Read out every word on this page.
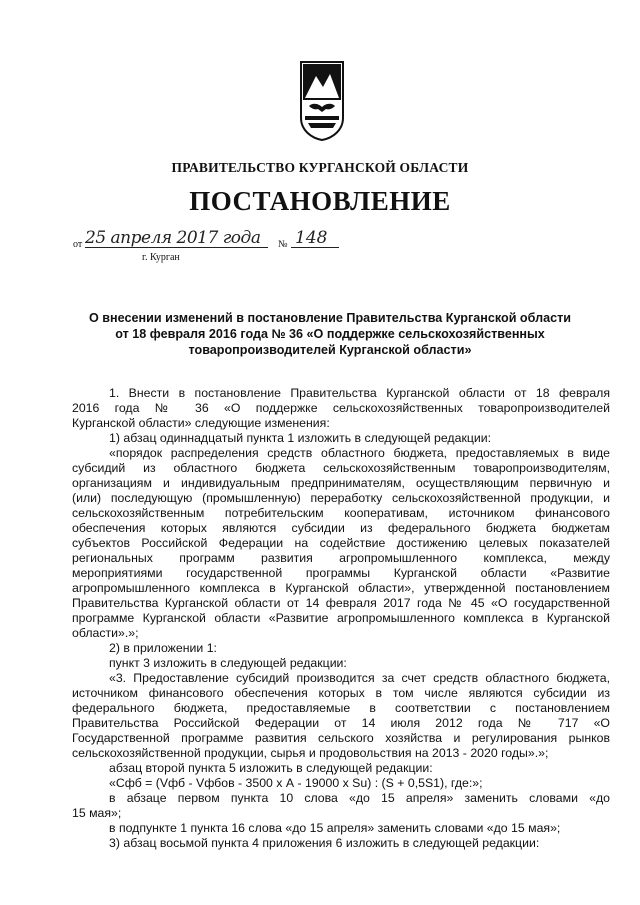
ПРАВИТЕЛЬСТВО КУРГАНСКОЙ ОБЛАСТИ
ПОСТАНОВЛЕНИЕ
от 25 апреля 2017 года № 148
г. Курган
О внесении изменений в постановление Правительства Курганской области
от 18 февраля 2016 года № 36 «О поддержке сельскохозяйственных
товаропроизводителей Курганской области»
1. Внести в постановление Правительства Курганской области от 18 февраля
2016 года № 36 «О поддержке сельскохозяйственных товаропроизводителей
Курганской области» следующие изменения:
1) абзац одиннадцатый пункта 1 изложить в следующей редакции:
«порядок распределения средств областного бюджета, предоставляемых в виде
субсидий из областного бюджета сельскохозяйственным товаропроизводителям,
организациям и индивидуальным предпринимателям, осуществляющим первичную и
(или) последующую (промышленную) переработку сельскохозяйственной продукции, и
сельскохозяйственным потребительским кооперативам, источником финансового
обеспечения которых являются субсидии из федерального бюджета бюджетам
субъектов Российской Федерации на содействие достижению целевых показателей
региональных программ развития агропромышленного комплекса, между
мероприятиями государственной программы Курганской области «Развитие
агропромышленного комплекса в Курганской области», утвержденной постановлением
Правительства Курганской области от 14 февраля 2017 года № 45 «О государственной
программе Курганской области «Развитие агропромышленного комплекса в Курганской
области».»;
2) в приложении 1:
пункт 3 изложить в следующей редакции:
«3. Предоставление субсидий производится за счет средств областного бюджета,
источником финансового обеспечения которых в том числе являются субсидии из
федерального бюджета, предоставляемые в соответствии с постановлением
Правительства Российской Федерации от 14 июля 2012 года № 717 «О
Государственной программе развития сельского хозяйства и регулирования рынков
сельскохозяйственной продукции, сырья и продовольствия на 2013 - 2020 годы».»;
абзац второй пункта 5 изложить в следующей редакции:
«Сфб = (Vфб - Vфбов - 3500 х А - 19000 х Su) : (S + 0,5S1), где:»;
в абзаце первом пункта 10 слова «до 15 апреля» заменить словами «до
15 мая»;
в подпункте 1 пункта 16 слова «до 15 апреля» заменить словами «до 15 мая»;
3) абзац восьмой пункта 4 приложения 6 изложить в следующей редакции:
